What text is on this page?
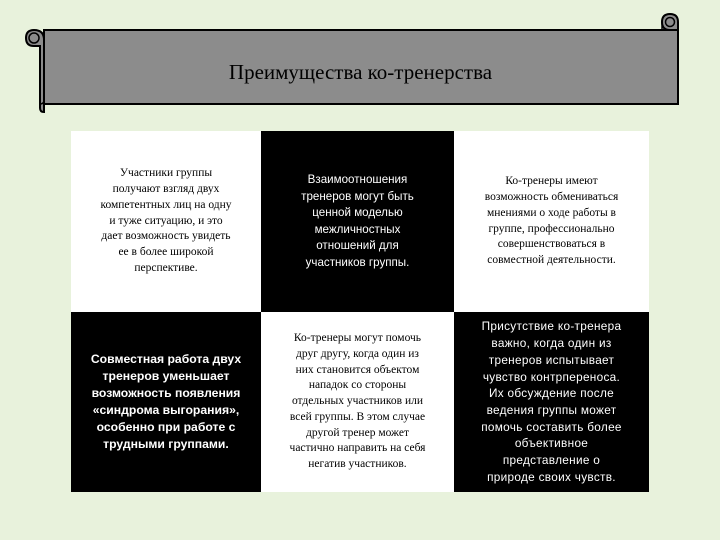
Преимущества ко-тренерства
Участники группы
получают взгляд двух
компетентных лиц на одну
и туже ситуацию, и это
дает возможность увидеть
ее в более широкой
перспективе.
Взаимоотношения
тренеров могут быть
ценной моделью
межличностных
отношений для
участников группы.
Ко-тренеры имеют
возможность обмениваться
мнениями о ходе работы в
группе, профессионально
совершенствоваться в
совместной деятельности.
Совместная работа двух
тренеров уменьшает
возможность появления
«синдрома выгорания»,
особенно при работе с
трудными группами.
Ко-тренеры могут помочь
друг другу, когда один из
них становится объектом
нападок со стороны
отдельных участников или
всей группы. В этом случае
другой тренер может
частично направить на себя
негатив участников.
Присутствие ко-тренера
важно, когда один из
тренеров испытывает
чувство контрпереноса.
Их обсуждение после
ведения группы может
помочь составить более
объективное
представление о
природе своих чувств.
